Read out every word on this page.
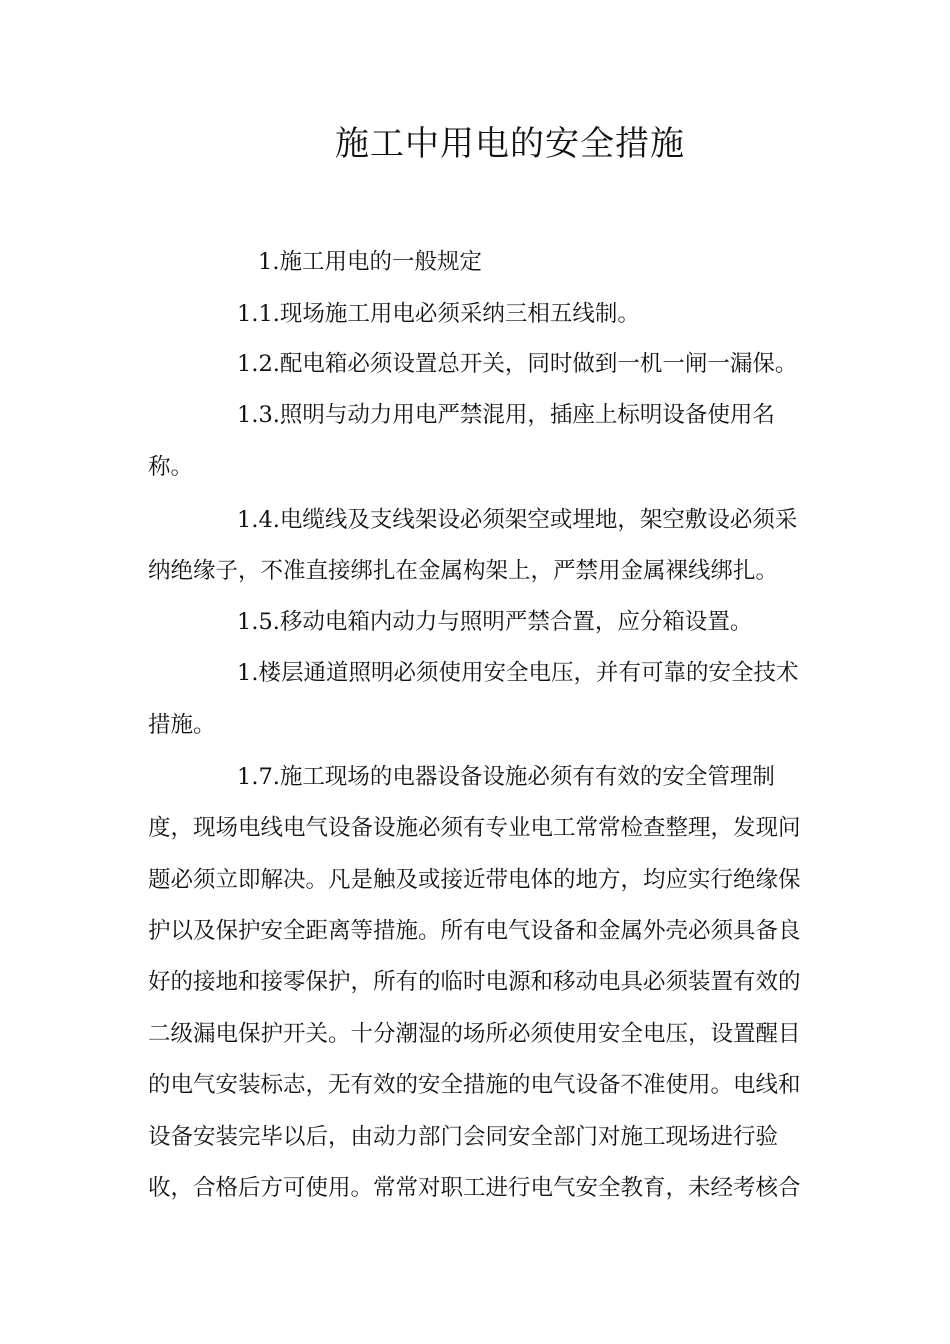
施工中用电的安全措施

1.施工用电的一般规定

1.1.现场施工用电必须采纳三相五线制。

1.2.配电箱必须设置总开关，同时做到一机一闸一漏保。

1.3.照明与动力用电严禁混用，插座上标明设备使用名

称。

1.4.电缆线及支线架设必须架空或埋地，架空敷设必须采

纳绝缘子，不准直接绑扎在金属构架上，严禁用金属裸线绑扎。

1.5.移动电箱内动力与照明严禁合置，应分箱设置。

1.楼层通道照明必须使用安全电压，并有可靠的安全技术

措施。

1.7.施工现场的电器设备设施必须有有效的安全管理制

度，现场电线电气设备设施必须有专业电工常常检查整理，发现问

题必须立即解决。凡是触及或接近带电体的地方，均应实行绝缘保

护以及保护安全距离等措施。所有电气设备和金属外壳必须具备良

好的接地和接零保护，所有的临时电源和移动电具必须装置有效的

二级漏电保护开关。十分潮湿的场所必须使用安全电压，设置醒目

的电气安装标志，无有效的安全措施的电气设备不准使用。电线和

设备安装完毕以后，由动力部门会同安全部门对施工现场进行验

收，合格后方可使用。常常对职工进行电气安全教育，未经考核合
